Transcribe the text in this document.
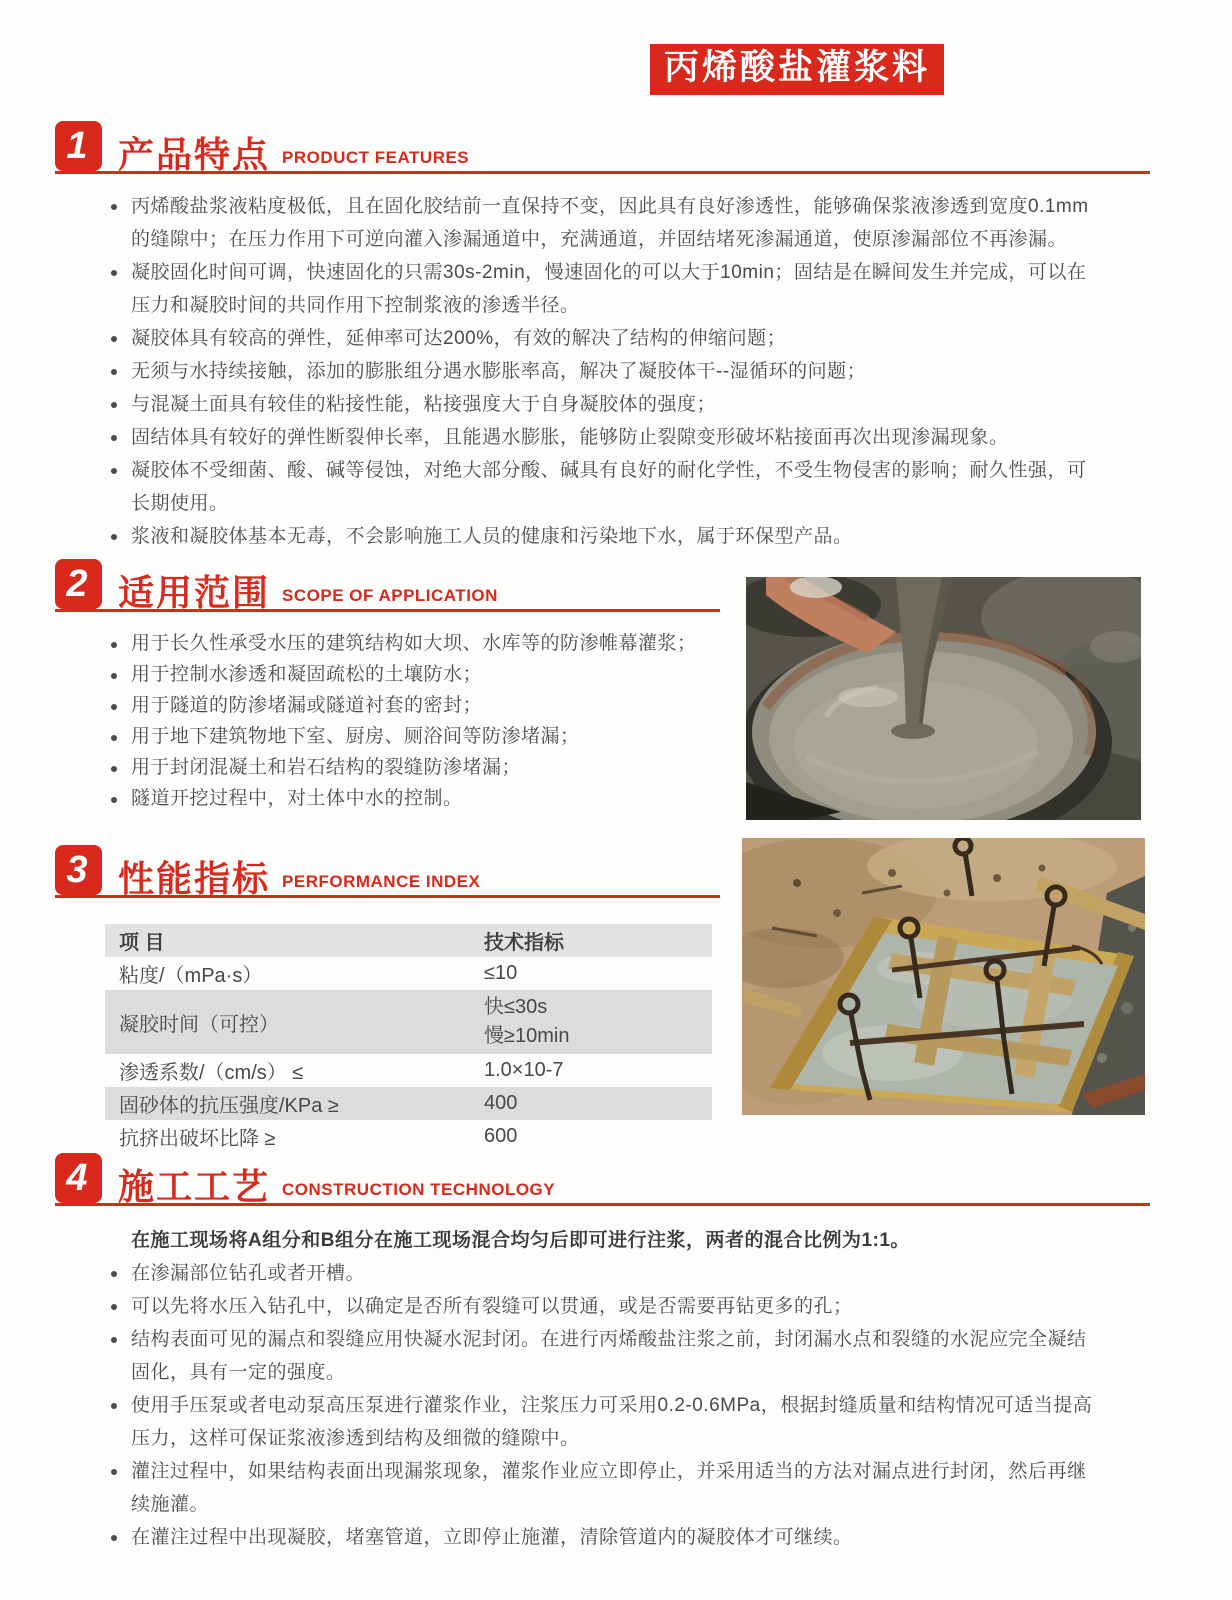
丙烯酸盐灌浆料
1 产品特点 PRODUCT FEATURES
丙烯酸盐浆液粘度极低，且在固化胶结前一直保持不变，因此具有良好渗透性，能够确保浆液渗透到宽度0.1mm的缝隙中；在压力作用下可逆向灌入渗漏通道中，充满通道，并固结堵死渗漏通道，使原渗漏部位不再渗漏。
凝胶固化时间可调，快速固化的只需30s-2min，慢速固化的可以大于10min；固结是在瞬间发生并完成，可以在压力和凝胶时间的共同作用下控制浆液的渗透半径。
凝胶体具有较高的弹性，延伸率可达200%，有效的解决了结构的伸缩问题；
无须与水持续接触，添加的膨胀组分遇水膨胀率高，解决了凝胶体干--湿循环的问题；
与混凝土面具有较佳的粘接性能，粘接强度大于自身凝胶体的强度；
固结体具有较好的弹性断裂伸长率，且能遇水膨胀，能够防止裂隙变形破坏粘接面再次出现渗漏现象。
凝胶体不受细菌、酸、碱等侵蚀，对绝大部分酸、碱具有良好的耐化学性，不受生物侵害的影响；耐久性强，可长期使用。
浆液和凝胶体基本无毒，不会影响施工人员的健康和污染地下水，属于环保型产品。
2 适用范围 SCOPE OF APPLICATION
用于长久性承受水压的建筑结构如大坝、水库等的防渗帷幕灌浆；
用于控制水渗透和凝固疏松的土壤防水；
用于隧道的防渗堵漏或隧道衬套的密封；
用于地下建筑物地下室、厨房、厕浴间等防渗堵漏；
用于封闭混凝土和岩石结构的裂缝防渗堵漏；
隧道开挖过程中，对土体中水的控制。
3 性能指标 PERFORMANCE INDEX
项 目	技术指标
粘度/（mPa·s）	≤10
凝胶时间（可控）	快≤30s
慢≥10min

渗透系数/（cm/s） ≤	1.0×10-7
固砂体的抗压强度/KPa ≥	400
抗挤出破坏比降 ≥	600
4 施工工艺 CONSTRUCTION TECHNOLOGY

在施工现场将A组分和B组分在施工现场混合均匀后即可进行注浆，两者的混合比例为1:1。

在渗漏部位钻孔或者开槽。
可以先将水压入钻孔中，以确定是否所有裂缝可以贯通，或是否需要再钻更多的孔；
结构表面可见的漏点和裂缝应用快凝水泥封闭。在进行丙烯酸盐注浆之前，封闭漏水点和裂缝的水泥应完全凝结固化，具有一定的强度。
使用手压泵或者电动泵高压泵进行灌浆作业，注浆压力可采用0.2-0.6MPa，根据封缝质量和结构情况可适当提高压力，这样可保证浆液渗透到结构及细微的缝隙中。
灌注过程中，如果结构表面出现漏浆现象，灌浆作业应立即停止，并采用适当的方法对漏点进行封闭，然后再继续施灌。
在灌注过程中出现凝胶，堵塞管道，立即停止施灌，清除管道内的凝胶体才可继续。
